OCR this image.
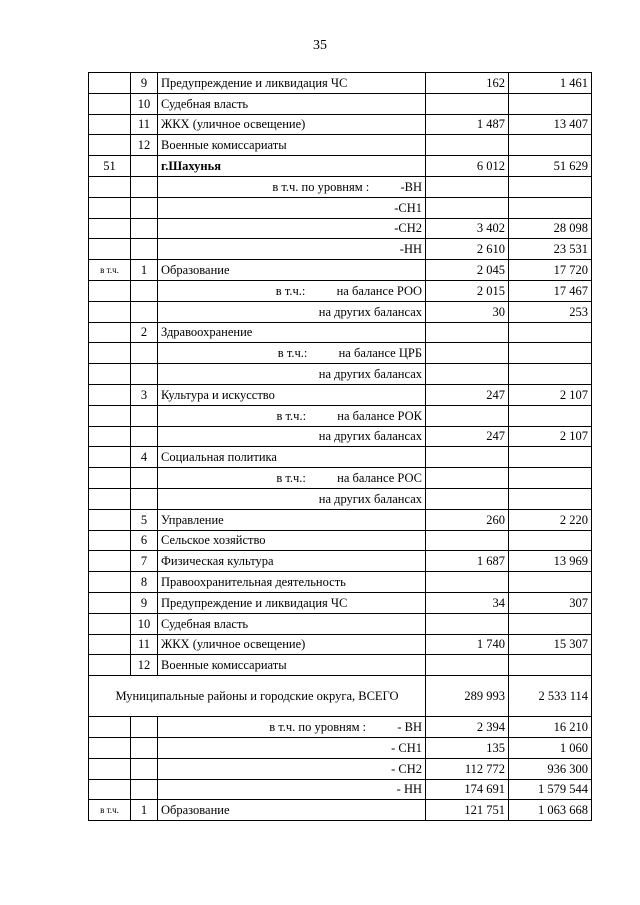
35
	9	Предупреждение и ликвидация ЧС	162	1 461
	10	Судебная власть		
	11	ЖКХ (уличное освещение)	1 487	13 407
	12	Военные комиссариаты		
51		г.Шахунья	6 012	51 629
		в т.ч. по уровням :          -ВН		
		-СН1		
		-СН2	3 402	28 098
		-НН	2 610	23 531
в т.ч.	1	Образование	2 045	17 720
		в т.ч.:          на балансе РОО	2 015	17 467
		на других балансах	30	253
	2	Здравоохранение		
		в т.ч.:          на балансе ЦРБ		
		на других балансах		
	3	Культура и искусство	247	2 107
		в т.ч.:          на балансе РОК		
		на других балансах	247	2 107
	4	Социальная политика		
		в т.ч.:          на балансе РОС		
		на других балансах		
	5	Управление	260	2 220
	6	Сельское хозяйство		
	7	Физическая культура	1 687	13 969
	8	Правоохранительная деятельность		
	9	Предупреждение и ликвидация ЧС	34	307
	10	Судебная власть		
	11	ЖКХ (уличное освещение)	1 740	15 307
	12	Военные комиссариаты		
Муниципальные районы и городские округа, ВСЕГО			289 993	2 533 114
		в т.ч. по уровням :          - ВН	2 394	16 210
		- СН1	135	1 060
		- СН2	112 772	936 300
		- НН	174 691	1 579 544
в т.ч.	1	Образование	121 751	1 063 668
